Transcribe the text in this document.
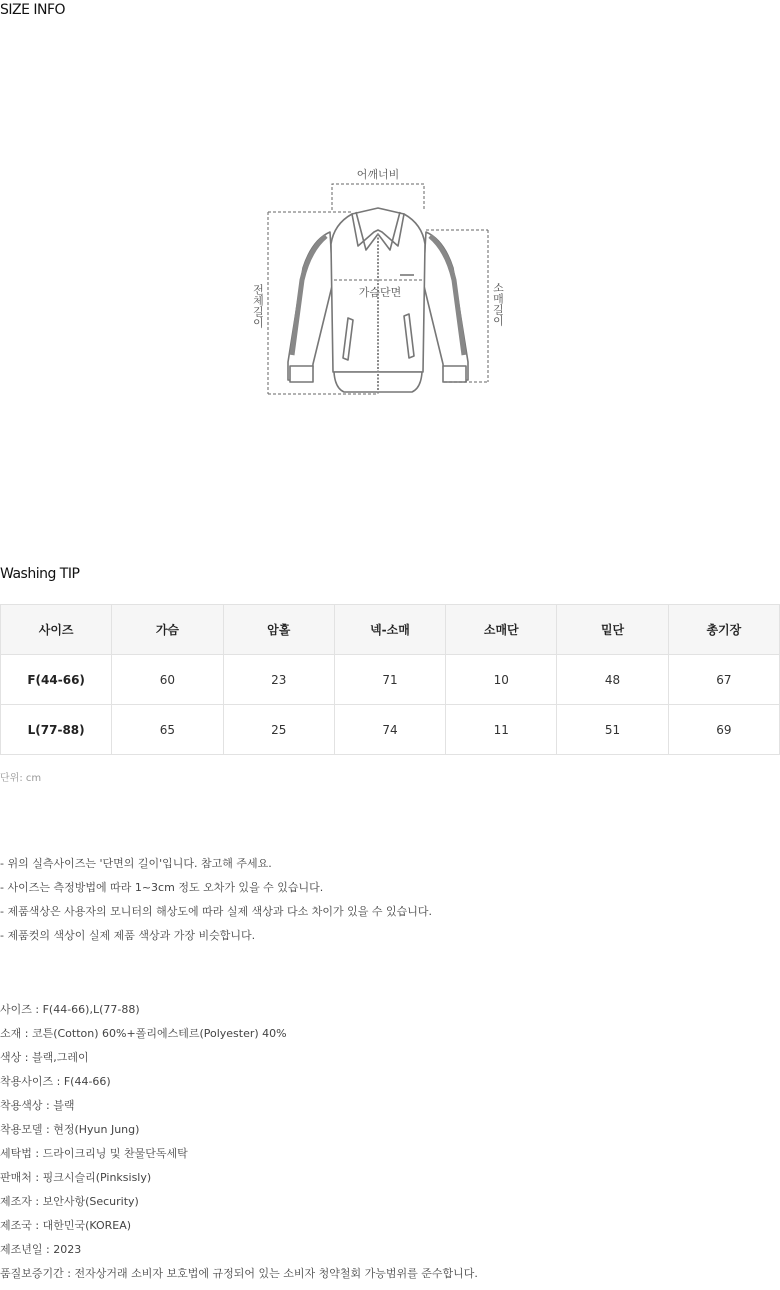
SIZE INFO
어깨너비
가슴단면
전체길이	소매길이
Washing TIP
사이즈	가슴	암홀	넥-소매	소매단	밑단	총기장
F(44-66)	60	23	71	10	48	67
L(77-88)	65	25	74	11	51	69
단위: cm
- 위의 실측사이즈는 '단면의 길이'입니다. 참고해 주세요.
- 사이즈는 측정방법에 따라 1~3cm 정도 오차가 있을 수 있습니다.
- 제품색상은 사용자의 모니터의 해상도에 따라 실제 색상과 다소 차이가 있을 수 있습니다.
- 제품컷의 색상이 실제 제품 색상과 가장 비슷합니다.
사이즈 : F(44-66),L(77-88)
소재 : 코튼(Cotton) 60%+폴리에스테르(Polyester) 40%
색상 : 블랙,그레이
착용사이즈 : F(44-66)
착용색상 : 블랙
착용모델 : 현정(Hyun Jung)
세탁법 : 드라이크리닝 및 찬물단독세탁
판매처 : 핑크시슬리(Pinksisly)
제조자 : 보안사항(Security)
제조국 : 대한민국(KOREA)
제조년일 : 2023
품질보증기간 : 전자상거래 소비자 보호법에 규정되어 있는 소비자 청약철회 가능범위를 준수합니다.
